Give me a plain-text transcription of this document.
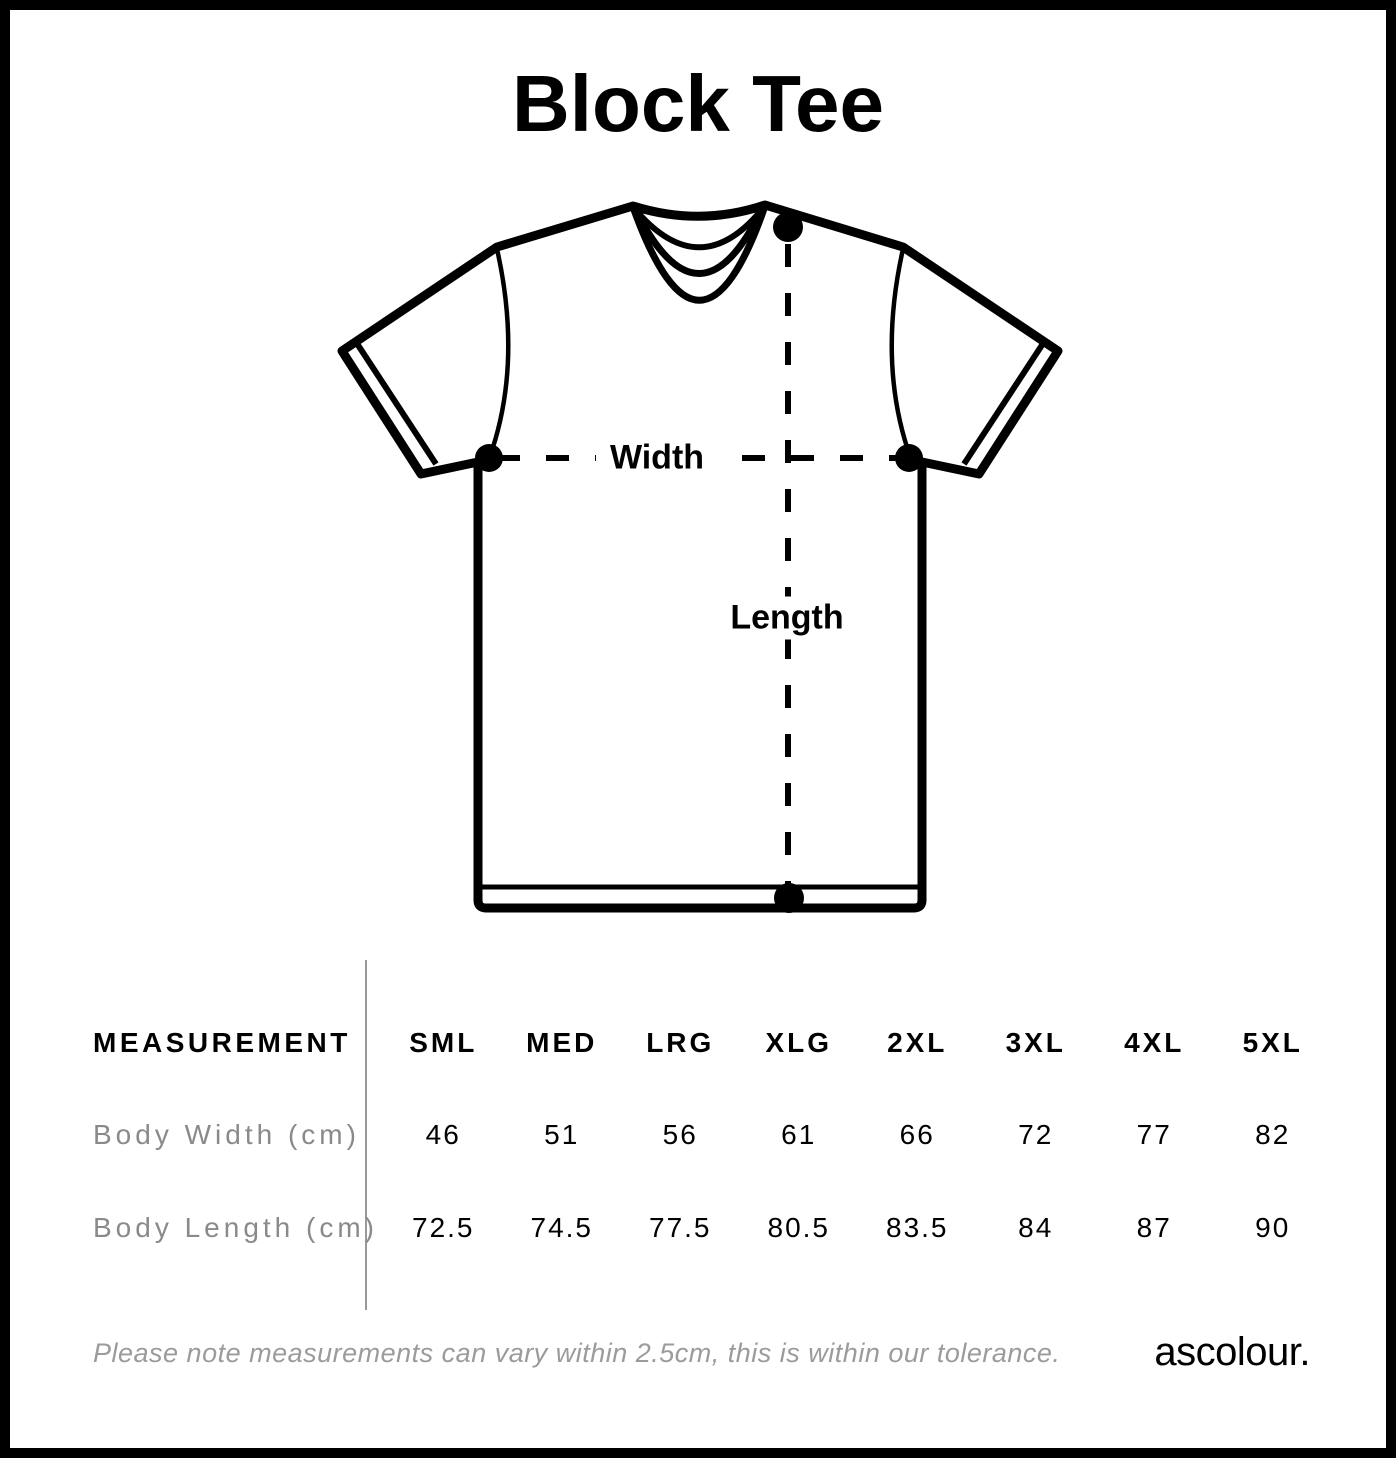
Block Tee
Width
Length
MEASUREMENT	SML	MED	LRG	XLG	2XL	3XL	4XL	5XL
Body Width (cm)	46	51	56	61	66	72	77	82
Body Length (cm)	72.5	74.5	77.5	80.5	83.5	84	87	90
Please note measurements can vary within 2.5cm, this is within our tolerance. ascolour.
